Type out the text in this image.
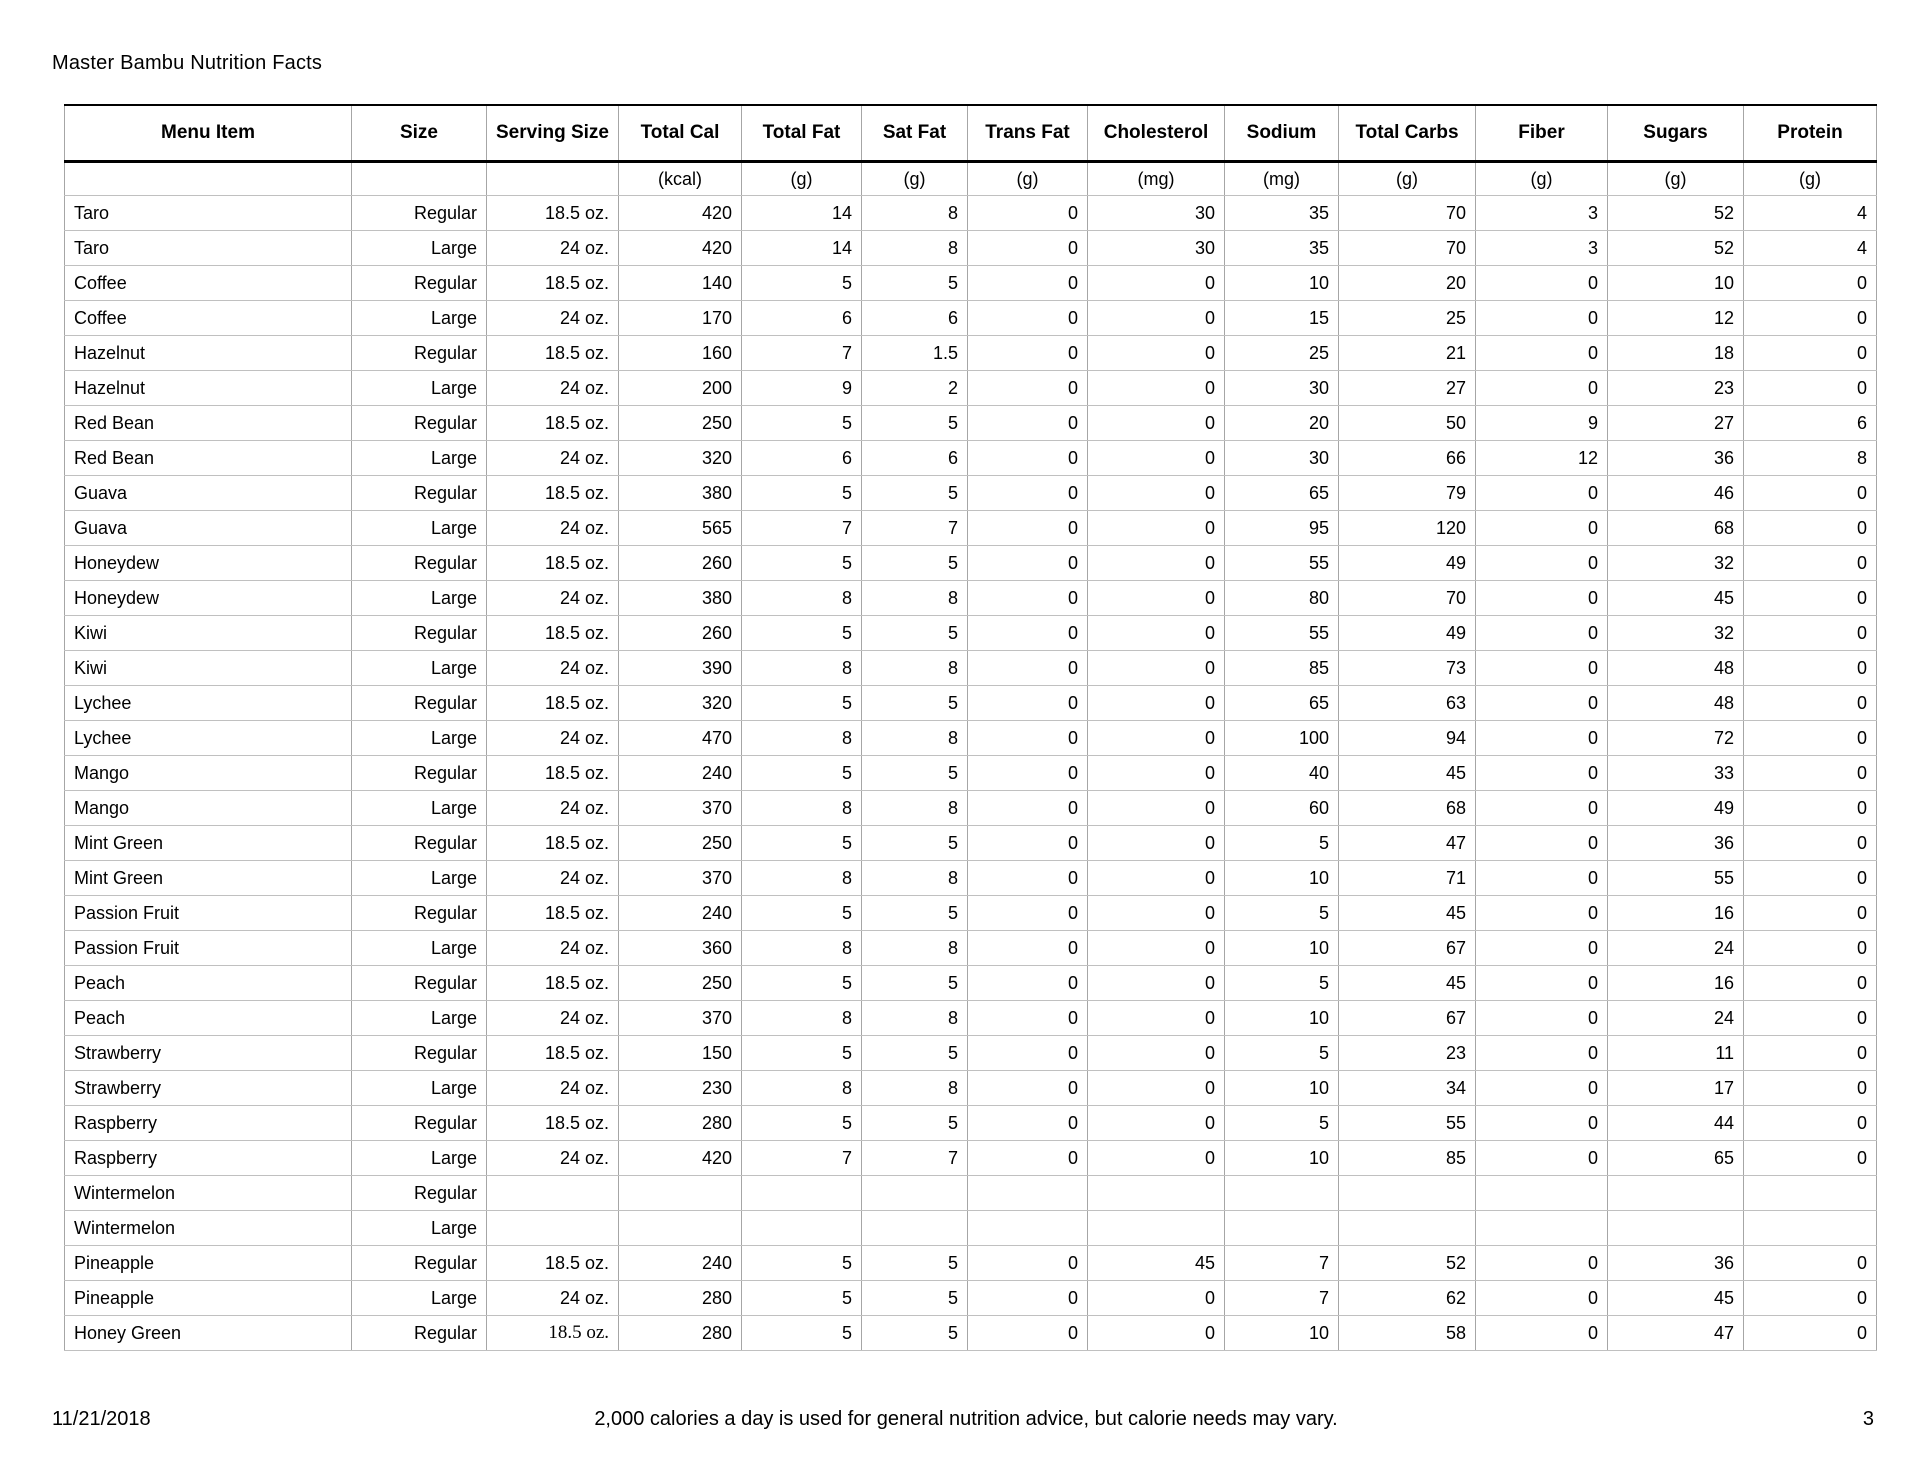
Master Bambu Nutrition Facts
Menu Item	Size	Serving Size	Total Cal	Total Fat	Sat Fat	Trans Fat	Cholesterol	Sodium	Total Carbs	Fiber	Sugars	Protein
			(kcal)	(g)	(g)	(g)	(mg)	(mg)	(g)	(g)	(g)	(g)
Taro	Regular	18.5 oz.	420	14	8	0	30	35	70	3	52	4
Taro	Large	24 oz.	420	14	8	0	30	35	70	3	52	4
Coffee	Regular	18.5 oz.	140	5	5	0	0	10	20	0	10	0
Coffee	Large	24 oz.	170	6	6	0	0	15	25	0	12	0
Hazelnut	Regular	18.5 oz.	160	7	1.5	0	0	25	21	0	18	0
Hazelnut	Large	24 oz.	200	9	2	0	0	30	27	0	23	0
Red Bean	Regular	18.5 oz.	250	5	5	0	0	20	50	9	27	6
Red Bean	Large	24 oz.	320	6	6	0	0	30	66	12	36	8
Guava	Regular	18.5 oz.	380	5	5	0	0	65	79	0	46	0
Guava	Large	24 oz.	565	7	7	0	0	95	120	0	68	0
Honeydew	Regular	18.5 oz.	260	5	5	0	0	55	49	0	32	0
Honeydew	Large	24 oz.	380	8	8	0	0	80	70	0	45	0
Kiwi	Regular	18.5 oz.	260	5	5	0	0	55	49	0	32	0
Kiwi	Large	24 oz.	390	8	8	0	0	85	73	0	48	0
Lychee	Regular	18.5 oz.	320	5	5	0	0	65	63	0	48	0
Lychee	Large	24 oz.	470	8	8	0	0	100	94	0	72	0
Mango	Regular	18.5 oz.	240	5	5	0	0	40	45	0	33	0
Mango	Large	24 oz.	370	8	8	0	0	60	68	0	49	0
Mint Green	Regular	18.5 oz.	250	5	5	0	0	5	47	0	36	0
Mint Green	Large	24 oz.	370	8	8	0	0	10	71	0	55	0
Passion Fruit	Regular	18.5 oz.	240	5	5	0	0	5	45	0	16	0
Passion Fruit	Large	24 oz.	360	8	8	0	0	10	67	0	24	0
Peach	Regular	18.5 oz.	250	5	5	0	0	5	45	0	16	0
Peach	Large	24 oz.	370	8	8	0	0	10	67	0	24	0
Strawberry	Regular	18.5 oz.	150	5	5	0	0	5	23	0	11	0
Strawberry	Large	24 oz.	230	8	8	0	0	10	34	0	17	0
Raspberry	Regular	18.5 oz.	280	5	5	0	0	5	55	0	44	0
Raspberry	Large	24 oz.	420	7	7	0	0	10	85	0	65	0
Wintermelon	Regular											
Wintermelon	Large											
Pineapple	Regular	18.5 oz.	240	5	5	0	45	7	52	0	36	0
Pineapple	Large	24 oz.	280	5	5	0	0	7	62	0	45	0
Honey Green	Regular	18.5 oz.	280	5	5	0	0	10	58	0	47	0
11/21/2018	2,000 calories a day is used for general nutrition advice, but calorie needs may vary.	3
